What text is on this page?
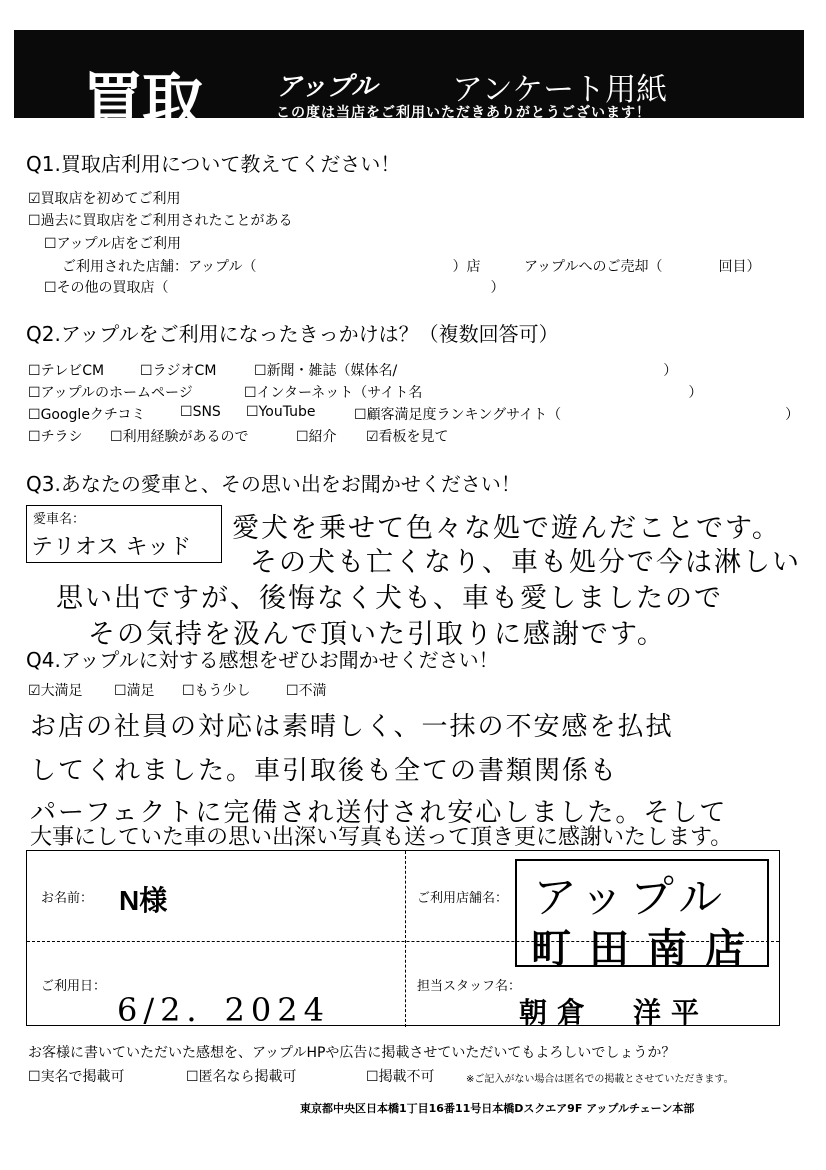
買取	アップル アンケート用紙
この度は当店をご利用いただきありがとうございます！
Q1.買取店利用について教えてください！
☑買取店を初めてご利用
☐ 過去に買取店をご利用されたことがある
☐ アップル店をご利用
ご利用された店舗：アップル（　　　　　　　　　　　　　　）店	アップルへのご売却（　　　　回目）
☐ その他の買取店（　　　　　　　　　　　　　　　　　　　　　　　）
Q2.アップルをご利用になったきっかけは？（複数回答可）
☐ テレビCM	☐ ラジオCM	☐ 新聞・雑誌（媒体名/　　　　　　　　　　　　　　　　　　　）
☐ アップルのホームページ	☐ インターネット（サイト名　　　　　　　　　　　　　　　　　　　）
☐ Googleクチコミ	☐ SNS	☐ YouTube	☐ 顧客満足度ランキングサイト（　　　　　　　　　　　　　　　　）
☐ チラシ	☐ 利用経験があるので	☐ 紹介 ☑看板を見て
Q3.あなたの愛車と、その思い出をお聞かせください！
愛車名：
テリオス キッド
愛犬を乗せて色々な処で遊んだことです。
その犬も亡くなり、車も処分で今は淋しい
思い出ですが、後悔なく犬も、車も愛しましたので
その気持を汲んで頂いた引取りに感謝です。
Q4.アップルに対する感想をぜひお聞かせください！
☑大満足	☐ 満足	☐ もう少し	☐ 不満
お店の社員の対応は素晴しく、一抹の不安感を払拭
してくれました。車引取後も全ての書類関係も
パーフェクトに完備され送付され安心しました。そして
大事にしていた車の思い出深い写真も送って頂き更に感謝いたします。
お名前： N様	ご利用店舗名： アップル
町田南店
ご利用日：
6/2．2024
担当スタッフ名：
朝倉　洋平
お客様に書いていただいた感想を、アップルHPや広告に掲載させていただいてもよろしいでしょうか？
☐ 実名で掲載可	☐ 匿名なら掲載可	☐ 掲載不可	※ご記入がない場合は匿名での掲載とさせていただきます。
東京都中央区日本橋1丁目16番11号日本橋Dスクエア9F アップルチェーン本部
